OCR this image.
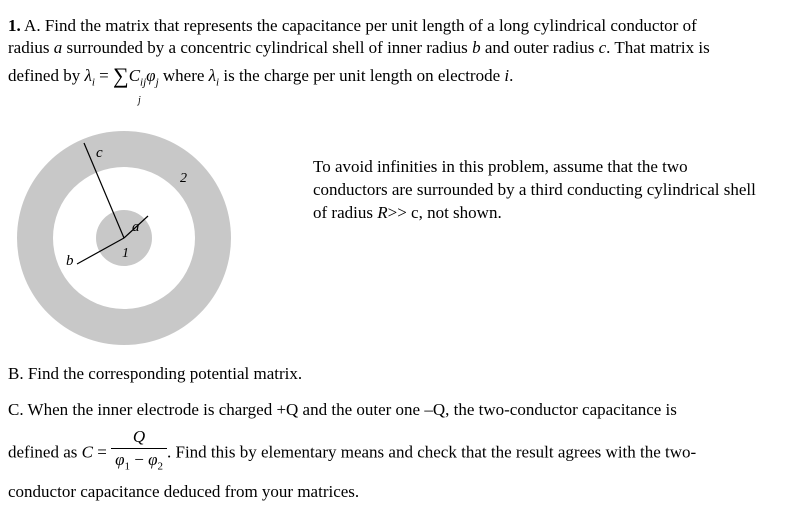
1. A. Find the matrix that represents the capacitance per unit length of a long cylindrical conductor of
radius a surrounded by a concentric cylindrical shell of inner radius b and outer radius c. That matrix is
defined by $\lambda_i = \sum C_{ij}\varphi_j$ where $\lambda_i$ is the charge per unit length on electrode i.
j
c
2
a
1
b
To avoid infinities in this problem, assume that the two
conductors are surrounded by a third conducting cylindrical shell
of radius R>> c, not shown.
B. Find the corresponding potential matrix.
C. When the inner electrode is charged +Q and the outer one –Q, the two-conductor capacitance is
defined as $C = \frac{Q}{\varphi_1 - \varphi_2}$ . Find this by elementary means and check that the result agrees with the two-
conductor capacitance deduced from your matrices.
